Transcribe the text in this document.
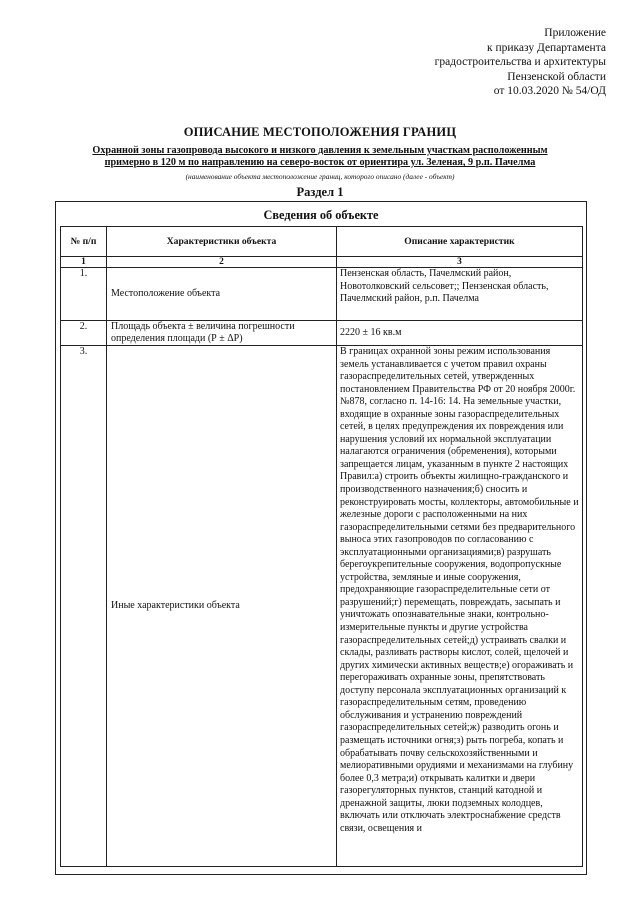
Приложение
к приказу Департамента
градостроительства и архитектуры
Пензенской области
от 10.03.2020 № 54/ОД
ОПИСАНИЕ МЕСТОПОЛОЖЕНИЯ ГРАНИЦ
Охранной зоны газопровода высокого и низкого давления к земельным участкам расположенным
примерно в 120 м по направлению на северо-восток от ориентира ул. Зеленая, 9 р.п. Пачелма
(наименование объекта местоположение границ, которого описано (далее - объект)
Раздел 1
Сведения об объекте
№ п/п	Характеристики объекта	Описание характеристик
1	2	3
1.	Местоположение объекта	Пензенская область, Пачелмский район, Новотолковский сельсовет;; Пензенская область, Пачелмский район, р.п. Пачелма
2.	Площадь объекта ± величина погрешности определения площади (Р ± ΔР)	2220 ± 16 кв.м
3.	Иные характеристики объекта	В границах охранной зоны режим использования земель устанавливается с учетом правил охраны газораспределительных сетей, утвержденных постановлением Правительства РФ от 20 ноября 2000г. №878, согласно п. 14-16: 14. На земельные участки, входящие в охранные зоны газораспределительных сетей, в целях предупреждения их повреждения или нарушения условий их нормальной эксплуатации налагаются ограничения (обременения), которыми запрещается лицам, указанным в пункте 2 настоящих Правил:а) строить объекты жилищно-гражданского и производственного назначения;б) сносить и реконструировать мосты, коллекторы, автомобильные и железные дороги с расположенными на них газораспределительными сетями без предварительного выноса этих газопроводов по согласованию с эксплуатационными организациями;в) разрушать берегоукрепительные сооружения, водопропускные устройства, земляные и иные сооружения, предохраняющие газораспределительные сети от разрушений;г) перемещать, повреждать, засыпать и уничтожать опознавательные знаки, контрольно-измерительные пункты и другие устройства газораспределительных сетей;д) устраивать свалки и склады, разливать растворы кислот, солей, щелочей и других химически активных веществ;е) огораживать и перегораживать охранные зоны, препятствовать доступу персонала эксплуатационных организаций к газораспределительным сетям, проведению обслуживания и устранению повреждений газораспределительных сетей;ж) разводить огонь и размещать источники огня;з) рыть погреба, копать и обрабатывать почву сельскохозяйственными и мелиоративными орудиями и механизмами на глубину более 0,3 метра;и) открывать калитки и двери газорегуляторных пунктов, станций катодной и дренажной защиты, люки подземных колодцев, включать или отключать электроснабжение средств связи, освещения и
